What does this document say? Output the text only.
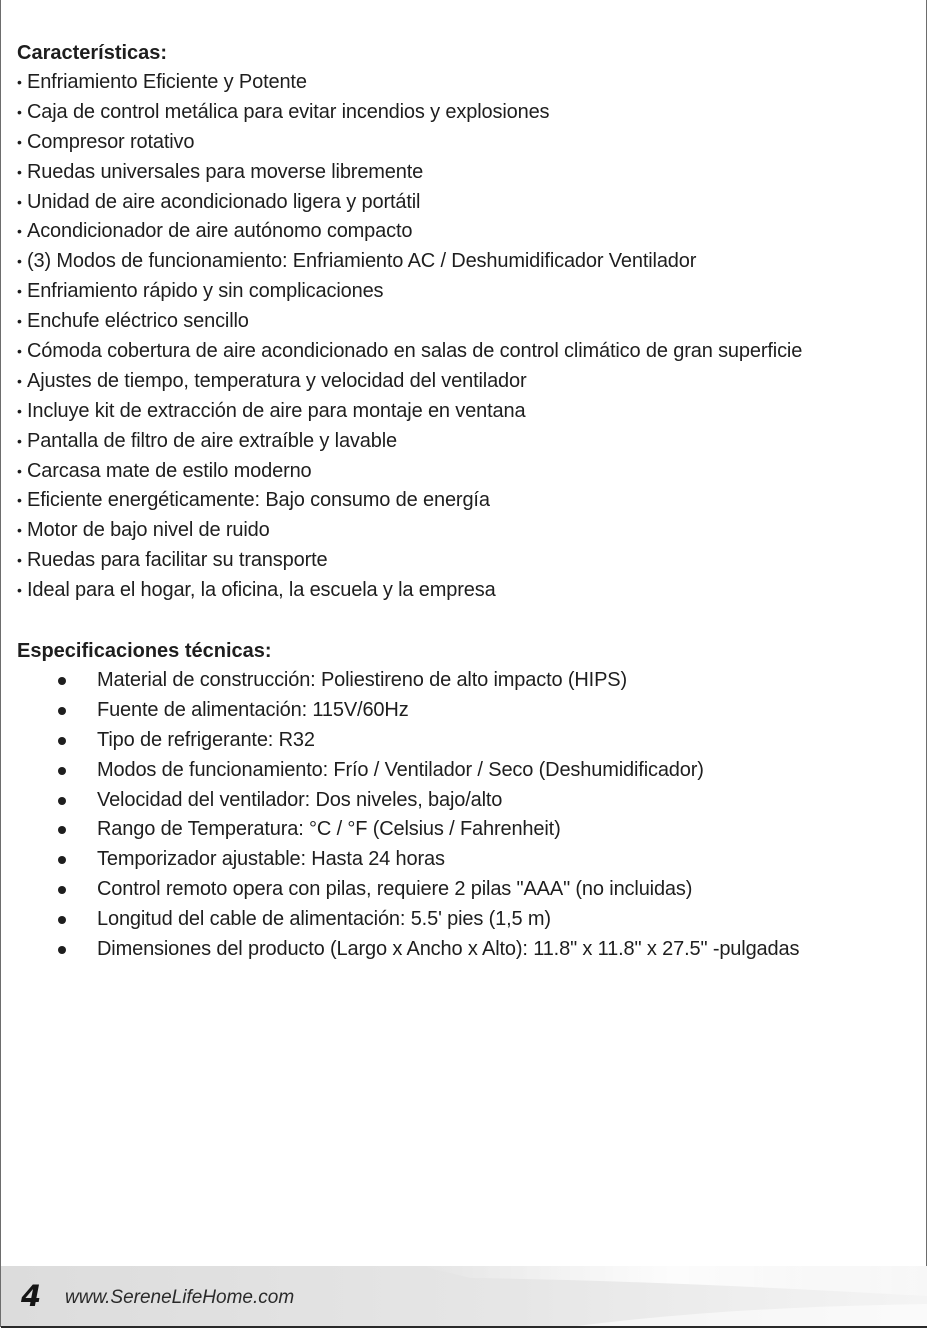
Características:
• Enfriamiento Eficiente y Potente
• Caja de control metálica para evitar incendios y explosiones
• Compresor rotativo
• Ruedas universales para moverse libremente
• Unidad de aire acondicionado ligera y portátil
• Acondicionador de aire autónomo compacto
• (3) Modos de funcionamiento: Enfriamiento AC / Deshumidificador Ventilador
• Enfriamiento rápido y sin complicaciones
• Enchufe eléctrico sencillo
• Cómoda cobertura de aire acondicionado en salas de control climático de gran superficie
• Ajustes de tiempo, temperatura y velocidad del ventilador
• Incluye kit de extracción de aire para montaje en ventana
• Pantalla de filtro de aire extraíble y lavable
• Carcasa mate de estilo moderno
• Eficiente energéticamente: Bajo consumo de energía
• Motor de bajo nivel de ruido
• Ruedas para facilitar su transporte
• Ideal para el hogar, la oficina, la escuela y la empresa
Especificaciones técnicas:
Material de construcción: Poliestireno de alto impacto (HIPS)
Fuente de alimentación: 115V/60Hz
Tipo de refrigerante: R32
Modos de funcionamiento: Frío / Ventilador / Seco (Deshumidificador)
Velocidad del ventilador: Dos niveles, bajo/alto
Rango de Temperatura: °C / °F (Celsius / Fahrenheit)
Temporizador ajustable: Hasta 24 horas
Control remoto opera con pilas, requiere 2 pilas "AAA" (no incluidas)
Longitud del cable de alimentación: 5.5' pies (1,5 m)
Dimensiones del producto (Largo x Ancho x Alto): 11.8" x 11.8" x 27.5" -pulgadas
4 www.SereneLifeHome.com
